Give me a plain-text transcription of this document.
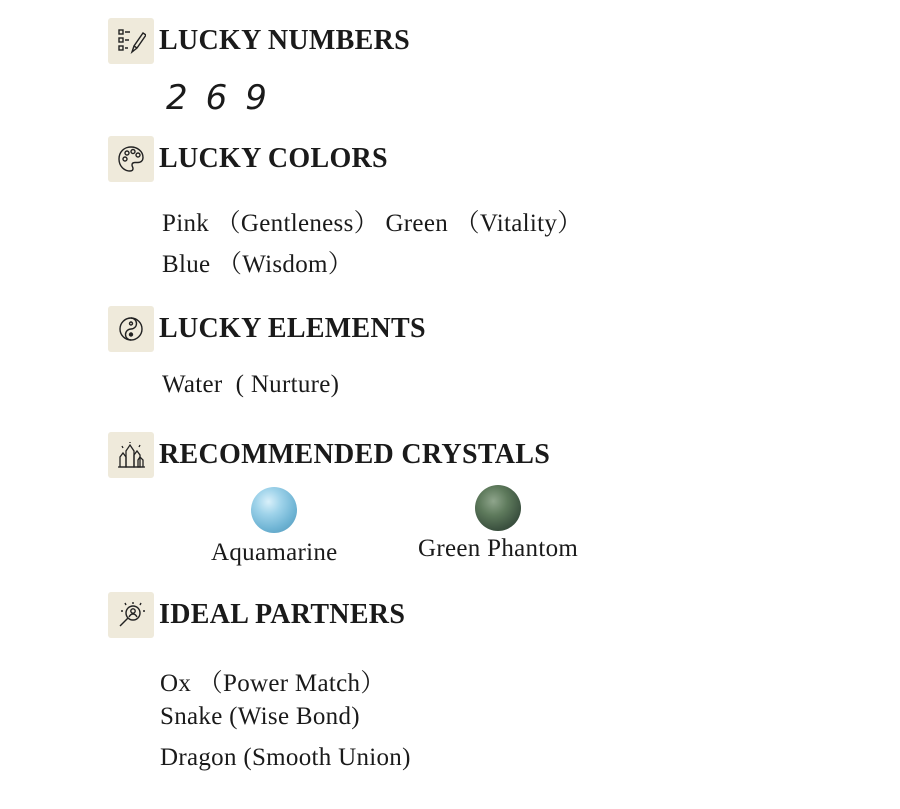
LUCKY NUMBERS
2 6 9
LUCKY COLORS
Pink （Gentleness） Green （Vitality）
Blue （Wisdom）
LUCKY ELEMENTS
Water  ( Nurture)
RECOMMENDED CRYSTALS
Aquamarine	Green Phantom
IDEAL PARTNERS
Ox （Power Match）
Snake (Wise Bond)
Dragon (Smooth Union)
